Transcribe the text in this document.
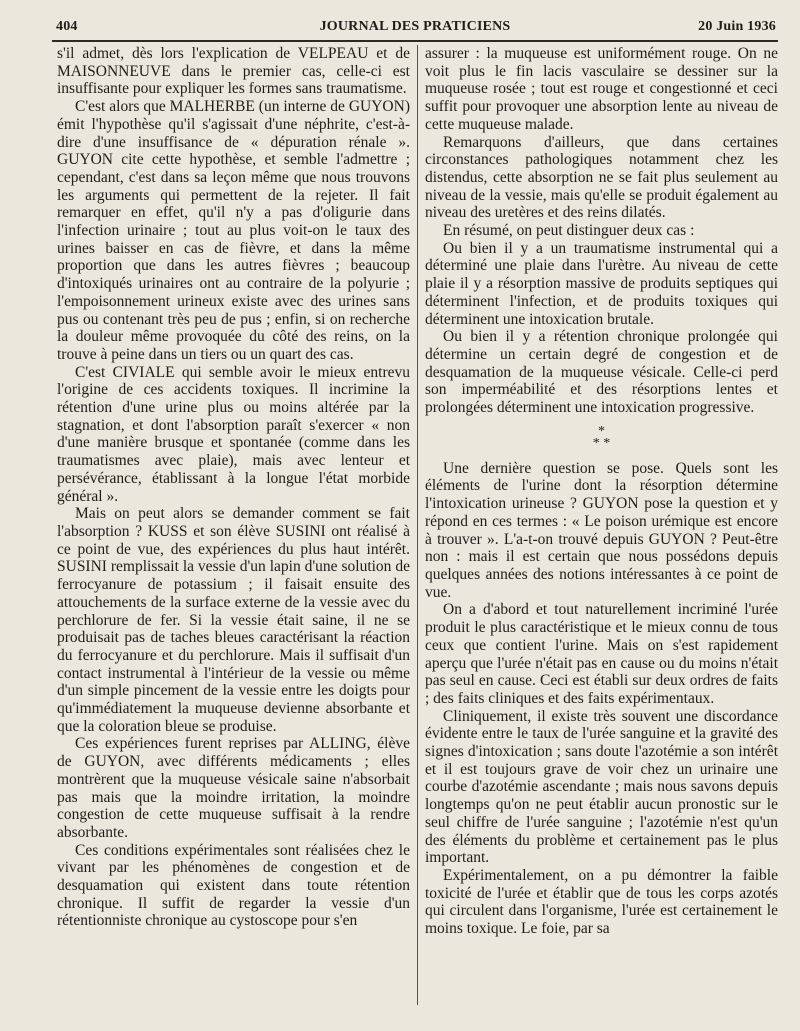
404	JOURNAL DES PRATICIENS	20 Juin 1936

s'il admet, dès lors l'explication de VELPEAU et de MAISONNEUVE dans le premier cas, celle-ci est insuffisante pour expliquer les formes sans traumatisme.

C'est alors que MALHERBE (un interne de GUYON) émit l'hypothèse qu'il s'agissait d'une néphrite, c'est-à-dire d'une insuffisance de « dépuration rénale ». GUYON cite cette hypothèse, et semble l'admettre ; cependant, c'est dans sa leçon même que nous trouvons les arguments qui permettent de la rejeter. Il fait remarquer en effet, qu'il n'y a pas d'oligurie dans l'infection urinaire ; tout au plus voit-on le taux des urines baisser en cas de fièvre, et dans la même proportion que dans les autres fièvres ; beaucoup d'intoxiqués urinaires ont au contraire de la polyurie ; l'empoisonnement urineux existe avec des urines sans pus ou contenant très peu de pus ; enfin, si on recherche la douleur même provoquée du côté des reins, on la trouve à peine dans un tiers ou un quart des cas.

C'est CIVIALE qui semble avoir le mieux entrevu l'origine de ces accidents toxiques. Il incrimine la rétention d'une urine plus ou moins altérée par la stagnation, et dont l'absorption paraît s'exercer « non d'une manière brusque et spontanée (comme dans les traumatismes avec plaie), mais avec lenteur et persévérance, établissant à la longue l'état morbide général ».

Mais on peut alors se demander comment se fait l'absorption ? KUSS et son élève SUSINI ont réalisé à ce point de vue, des expériences du plus haut intérêt. SUSINI remplissait la vessie d'un lapin d'une solution de ferrocyanure de potassium ; il faisait ensuite des attouchements de la surface externe de la vessie avec du perchlorure de fer. Si la vessie était saine, il ne se produisait pas de taches bleues caractérisant la réaction du ferrocyanure et du perchlorure. Mais il suffisait d'un contact instrumental à l'intérieur de la vessie ou même d'un simple pincement de la vessie entre les doigts pour qu'immédiatement la muqueuse devienne absorbante et que la coloration bleue se produise.

Ces expériences furent reprises par ALLING, élève de GUYON, avec différents médicaments ; elles montrèrent que la muqueuse vésicale saine n'absorbait pas mais que la moindre irritation, la moindre congestion de cette muqueuse suffisait à la rendre absorbante.

Ces conditions expérimentales sont réalisées chez le vivant par les phénomènes de congestion et de desquamation qui existent dans toute rétention chronique. Il suffit de regarder la vessie d'un rétentionniste chronique au cystoscope pour s'en

assurer : la muqueuse est uniformément rouge. On ne voit plus le fin lacis vasculaire se dessiner sur la muqueuse rosée ; tout est rouge et congestionné et ceci suffit pour provoquer une absorption lente au niveau de cette muqueuse malade.

Remarquons d'ailleurs, que dans certaines circonstances pathologiques notamment chez les distendus, cette absorption ne se fait plus seulement au niveau de la vessie, mais qu'elle se produit également au niveau des uretères et des reins dilatés.

En résumé, on peut distinguer deux cas :

Ou bien il y a un traumatisme instrumental qui a déterminé une plaie dans l'urètre. Au niveau de cette plaie il y a résorption massive de produits septiques qui déterminent l'infection, et de produits toxiques qui déterminent une intoxication brutale.

Ou bien il y a rétention chronique prolongée qui détermine un certain degré de congestion et de desquamation de la muqueuse vésicale. Celle-ci perd son imperméabilité et des résorptions lentes et prolongées déterminent une intoxication progressive.

*
* *

Une dernière question se pose. Quels sont les éléments de l'urine dont la résorption détermine l'intoxication urineuse ? GUYON pose la question et y répond en ces termes : « Le poison urémique est encore à trouver ». L'a-t-on trouvé depuis GUYON ? Peut-être non : mais il est certain que nous possédons depuis quelques années des notions intéressantes à ce point de vue.

On a d'abord et tout naturellement incriminé l'urée produit le plus caractéristique et le mieux connu de tous ceux que contient l'urine. Mais on s'est rapidement aperçu que l'urée n'était pas en cause ou du moins n'était pas seul en cause. Ceci est établi sur deux ordres de faits ; des faits cliniques et des faits expérimentaux.

Cliniquement, il existe très souvent une discordance évidente entre le taux de l'urée sanguine et la gravité des signes d'intoxication ; sans doute l'azotémie a son intérêt et il est toujours grave de voir chez un urinaire une courbe d'azotémie ascendante ; mais nous savons depuis longtemps qu'on ne peut établir aucun pronostic sur le seul chiffre de l'urée sanguine ; l'azotémie n'est qu'un des éléments du problème et certainement pas le plus important.

Expérimentalement, on a pu démontrer la faible toxicité de l'urée et établir que de tous les corps azotés qui circulent dans l'organisme, l'urée est certainement le moins toxique. Le foie, par sa
